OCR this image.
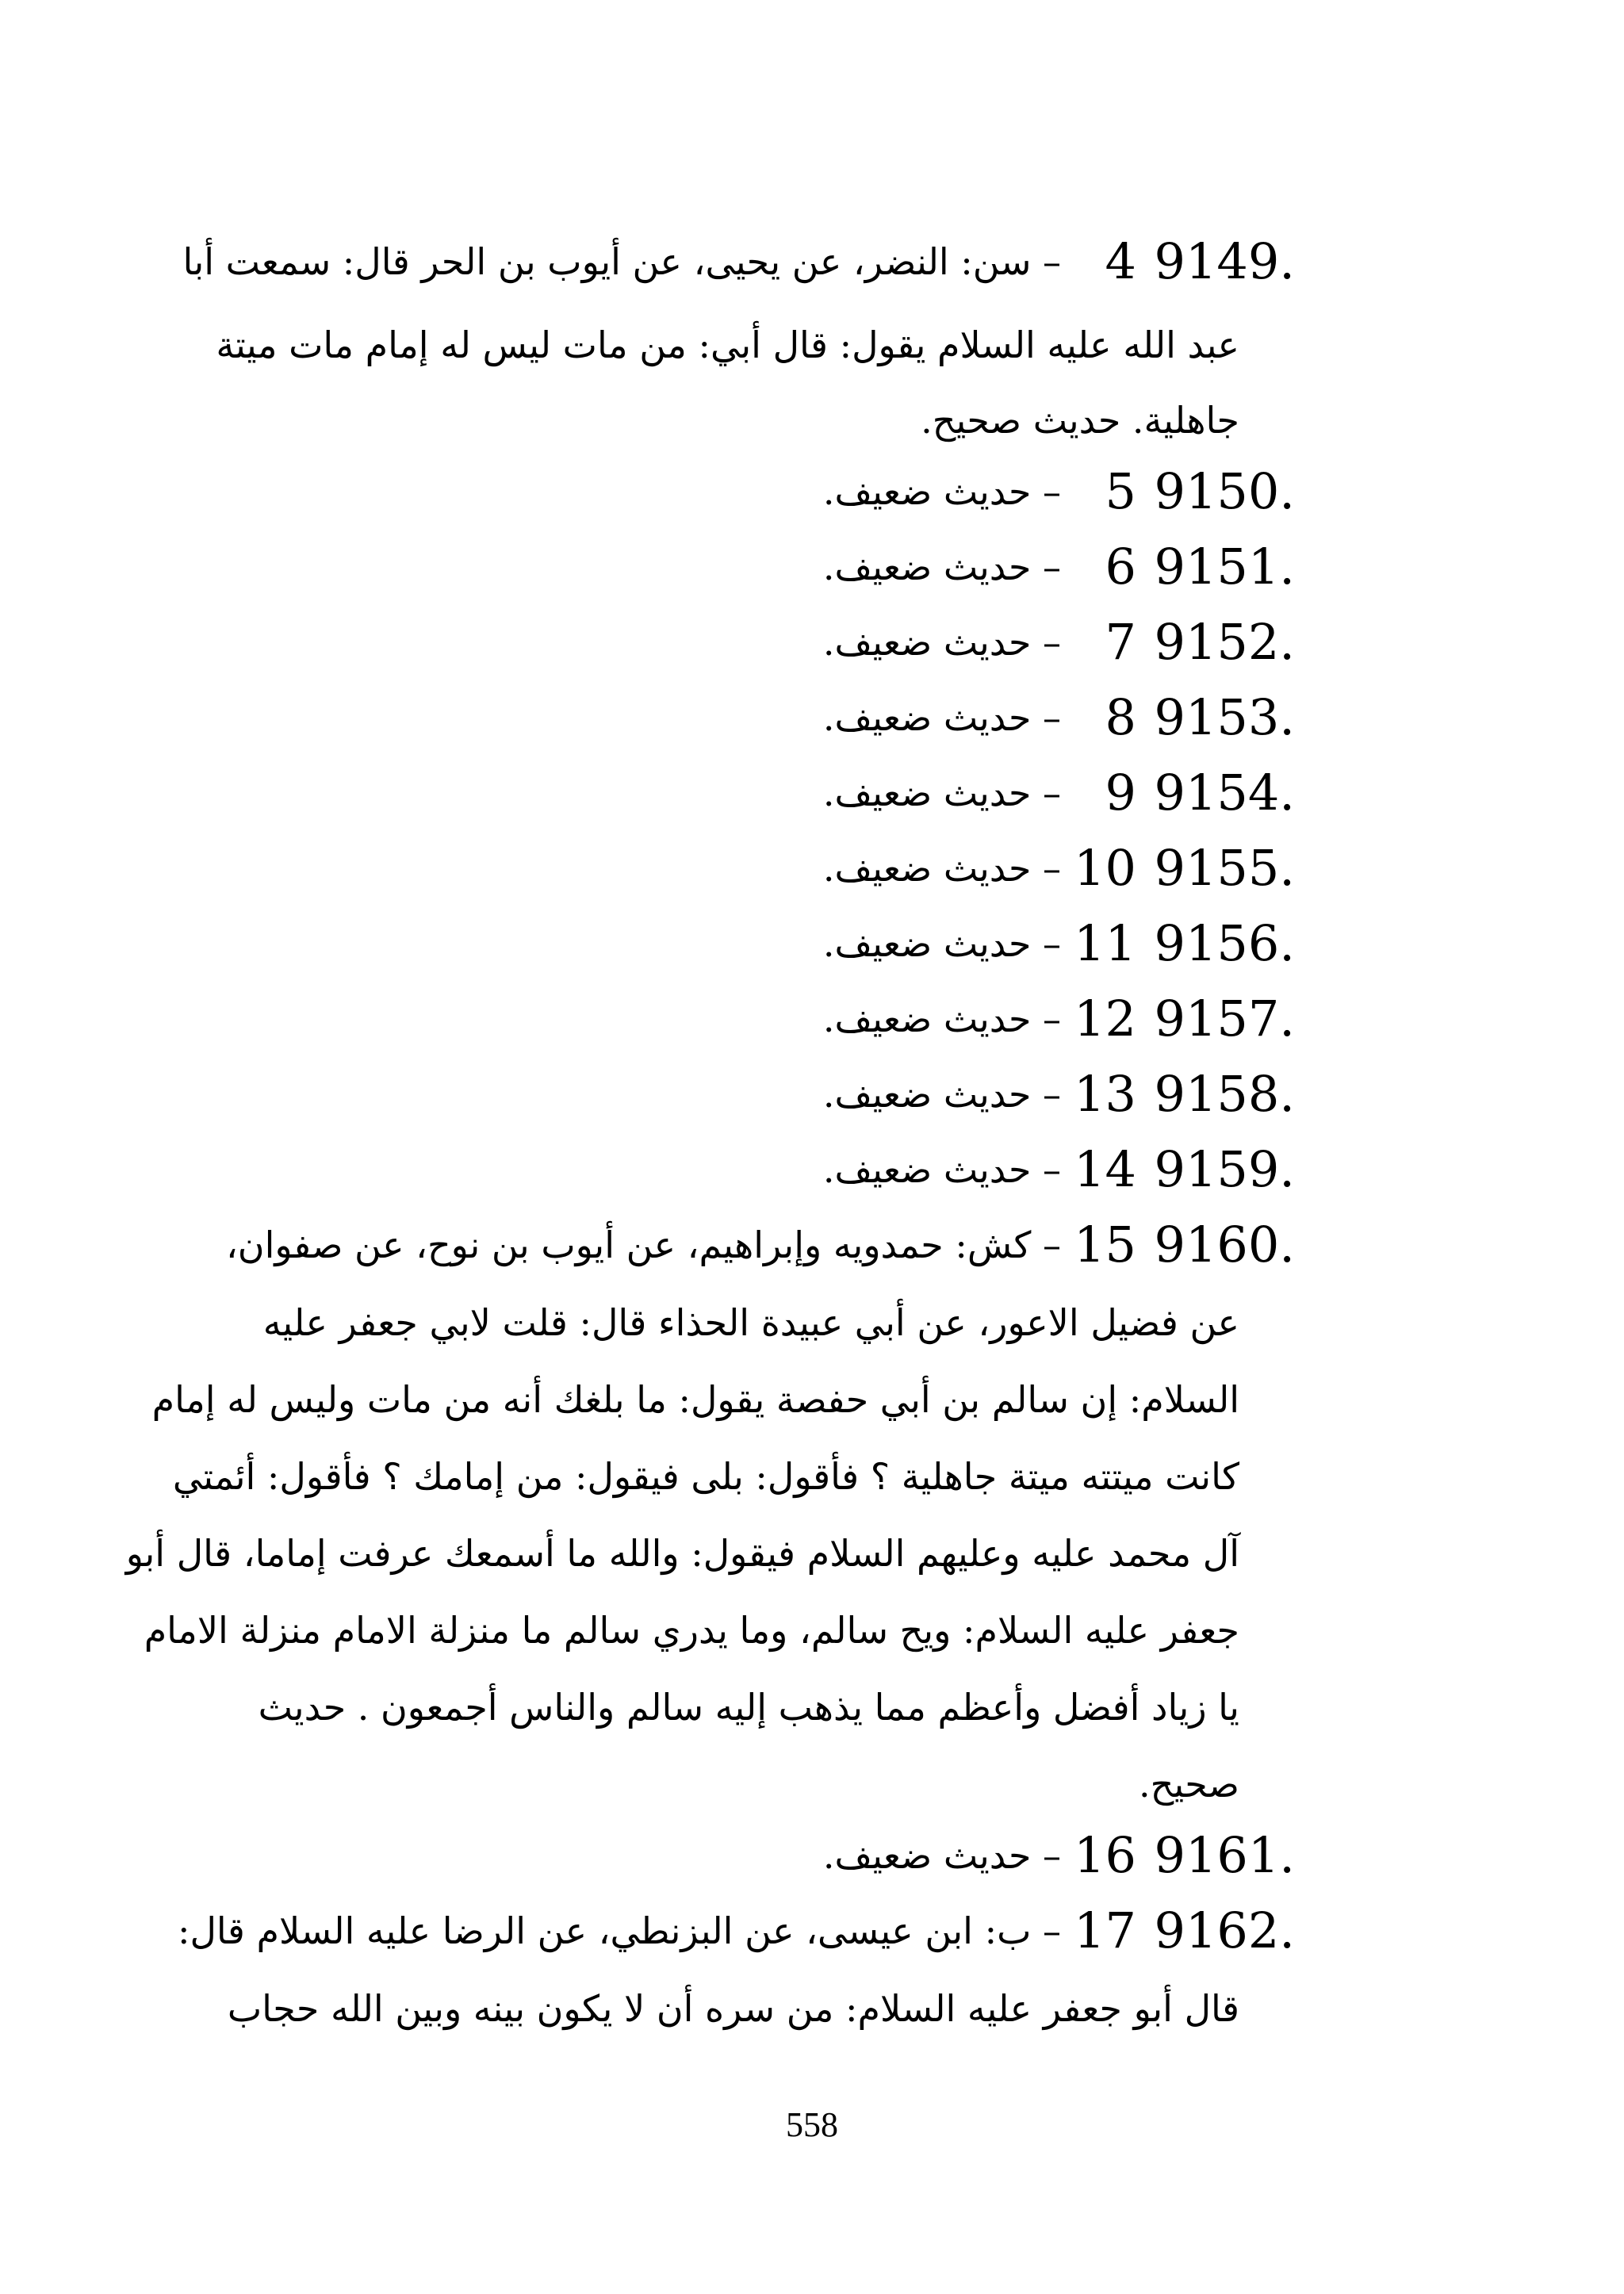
9149.
4
– سن: النضر، عن يحيى، عن أيوب بن الحر قال: سمعت أبا
عبد الله عليه السلام يقول: قال أبي: من مات ليس له إمام مات ميتة
جاهلية. حديث صحيح.
9150.
5
– حديث ضعيف.
9151.
6
– حديث ضعيف.
9152.
7
– حديث ضعيف.
9153.
8
– حديث ضعيف.
9154.
9
– حديث ضعيف.
9155.
10
– حديث ضعيف.
9156.
11
– حديث ضعيف.
9157.
12
– حديث ضعيف.
9158.
13
– حديث ضعيف.
9159.
14
– حديث ضعيف.
9160.
15
– كش: حمدويه وإبراهيم، عن أيوب بن نوح، عن صفوان،
عن فضيل الاعور، عن أبي عبيدة الحذاء قال: قلت لابي جعفر عليه
السلام: إن سالم بن أبي حفصة يقول: ما بلغك أنه من مات وليس له إمام
كانت ميتته ميتة جاهلية ؟ فأقول: بلى فيقول: من إمامك ؟ فأقول: أئمتي
آل محمد عليه وعليهم السلام فيقول: والله ما أسمعك عرفت إماما، قال أبو
جعفر عليه السلام: ويح سالم، وما يدري سالم ما منزلة الامام منزلة الامام
يا زياد أفضل وأعظم مما يذهب إليه سالم والناس أجمعون . حديث
صحيح.
9161.
16
– حديث ضعيف.
9162.
17
– ب: ابن عيسى، عن البزنطي، عن الرضا عليه السلام قال:
قال أبو جعفر عليه السلام: من سره أن لا يكون بينه وبين الله حجاب
558
